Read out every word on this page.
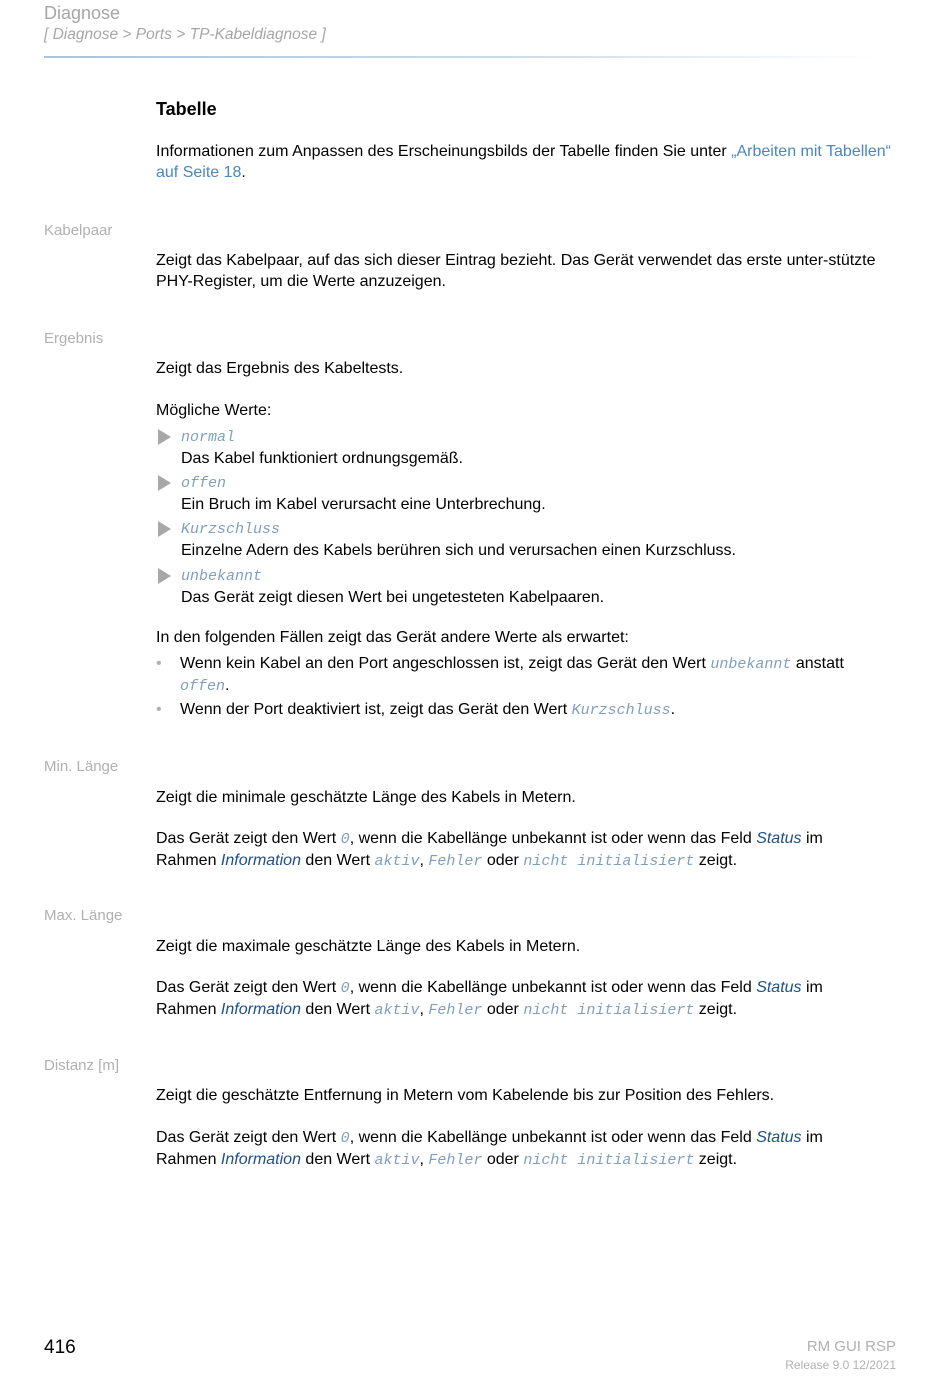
Diagnose
[ Diagnose > Ports > TP-Kabeldiagnose ]
Tabelle
Informationen zum Anpassen des Erscheinungsbilds der Tabelle finden Sie unter „Arbeiten mit Tabellen“ auf Seite 18.
Kabelpaar
Zeigt das Kabelpaar, auf das sich dieser Eintrag bezieht. Das Gerät verwendet das erste unter-stützte PHY-Register, um die Werte anzuzeigen.
Ergebnis
Zeigt das Ergebnis des Kabeltests.
Mögliche Werte:
normal
Das Kabel funktioniert ordnungsgemäß.
offen
Ein Bruch im Kabel verursacht eine Unterbrechung.
Kurzschluss
Einzelne Adern des Kabels berühren sich und verursachen einen Kurzschluss.
unbekannt
Das Gerät zeigt diesen Wert bei ungetesteten Kabelpaaren.
In den folgenden Fällen zeigt das Gerät andere Werte als erwartet:
• Wenn kein Kabel an den Port angeschlossen ist, zeigt das Gerät den Wert unbekannt anstatt
offen.
• Wenn der Port deaktiviert ist, zeigt das Gerät den Wert Kurzschluss.
Min. Länge
Zeigt die minimale geschätzte Länge des Kabels in Metern.
Das Gerät zeigt den Wert 0, wenn die Kabellänge unbekannt ist oder wenn das Feld Status im
Rahmen Information den Wert aktiv, Fehler oder nicht initialisiert zeigt.
Max. Länge
Zeigt die maximale geschätzte Länge des Kabels in Metern.
Das Gerät zeigt den Wert 0, wenn die Kabellänge unbekannt ist oder wenn das Feld Status im
Rahmen Information den Wert aktiv, Fehler oder nicht initialisiert zeigt.
Distanz [m]
Zeigt die geschätzte Entfernung in Metern vom Kabelende bis zur Position des Fehlers.
Das Gerät zeigt den Wert 0, wenn die Kabellänge unbekannt ist oder wenn das Feld Status im
Rahmen Information den Wert aktiv, Fehler oder nicht initialisiert zeigt.
416	RM GUI RSP
Release 9.0 12/2021
